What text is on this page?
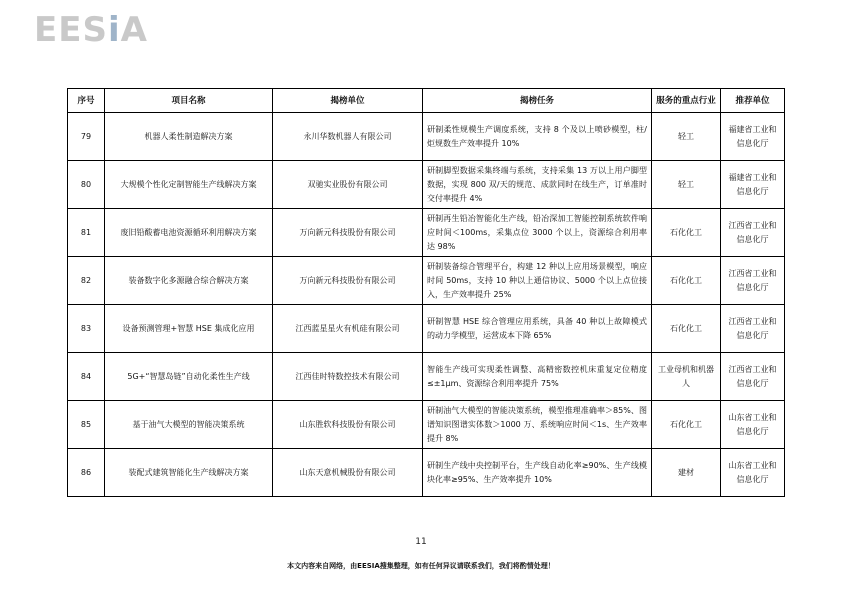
EESiA
序号	项目名称	揭榜单位	揭榜任务	服务的重点行业	推荐单位
79	机器人柔性制造解决方案	永川华数机器人有限公司	研制柔性规模生产调度系统，支持 8 个及以上喷砂模型，柱/炬规数生产效率提升 10%	轻工	福建省工业和信息化厅
80	大规模个性化定制智能生产线解决方案	双驰实业股份有限公司	研制脚型数据采集终端与系统，支持采集 13 万以上用户脚型数据，实现 800 双/天的规范、成款同时在线生产，订单准时交付率提升 4%	轻工	福建省工业和信息化厅
81	废旧铅酸蓄电池资源循环利用解决方案	万向新元科技股份有限公司	研制再生铅冶智能化生产线，铅冶深加工智能控制系统软件响应时间＜100ms，采集点位 3000 个以上，资源综合利用率达 98%	石化化工	江西省工业和信息化厅
82	装备数字化多源融合综合解决方案	万向新元科技股份有限公司	研制装备综合管理平台，构建 12 种以上应用场景模型，响应时间 50ms，支持 10 种以上通信协议、5000 个以上点位接入，生产效率提升 25%	石化化工	江西省工业和信息化厅
83	设备预测管理+智慧 HSE 集成化应用	江西蓝星星火有机硅有限公司	研制智慧 HSE 综合管理应用系统，具备 40 种以上故障模式的动力学模型，运营成本下降 65%	石化化工	江西省工业和信息化厅
84	5G+“智慧岛链”自动化柔性生产线	江西佳时特数控技术有限公司	智能生产线可实现柔性调整、高精密数控机床重复定位精度≤±1μm、资源综合利用率提升 75%	工业母机和机器人	江西省工业和信息化厅
85	基于油气大模型的智能决策系统	山东胜软科技股份有限公司	研制油气大模型的智能决策系统，模型推理准确率＞85%、图谱知识图谱实体数＞1000 万、系统响应时间＜1s、生产效率提升 8%	石化化工	山东省工业和信息化厅
86	装配式建筑智能化生产线解决方案	山东天意机械股份有限公司	研制生产线中央控制平台，生产线自动化率≥90%、生产线模块化率≥95%、生产效率提升 10%	建材	山东省工业和信息化厅
11
本文内容来自网络，由EESIA搜集整理，如有任何异议请联系我们，我们将酌情处理！
